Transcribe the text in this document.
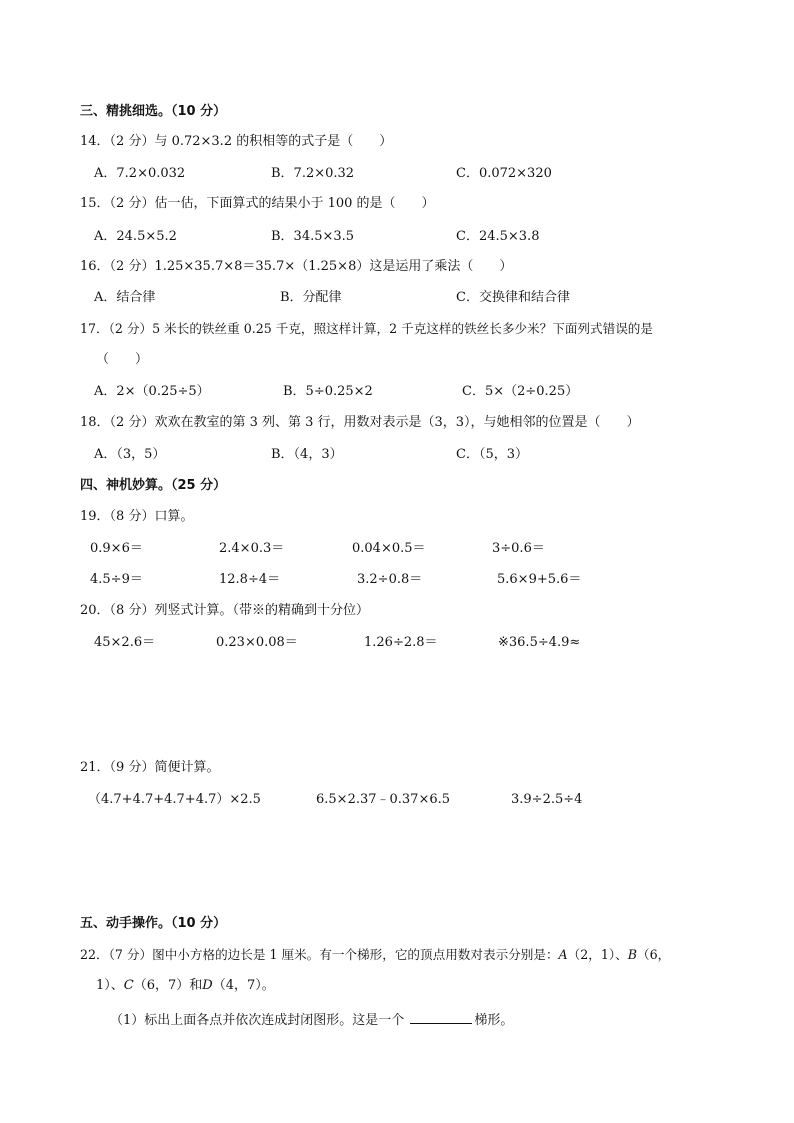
三、精挑细选。（10 分）
14．（2 分）与 0.72×3.2 的积相等的式子是（　　）
A．7.2×0.032	B．7.2×0.32	C．0.072×320
15．（2 分）估一估，下面算式的结果小于 100 的是（　　）
A．24.5×5.2	B．34.5×3.5	C．24.5×3.8
16．（2 分）1.25×35.7×8＝35.7×（1.25×8）这是运用了乘法（　　）
A．结合律	B．分配律	C．交换律和结合律
17．（2 分）5 米长的铁丝重 0.25 千克，照这样计算，2 千克这样的铁丝长多少米？下面列式错误的是
（　　）
A．2×（0.25÷5）	B．5÷0.25×2	C．5×（2÷0.25）
18．（2 分）欢欢在教室的第 3 列、第 3 行，用数对表示是（3，3），与她相邻的位置是（　　）
A．（3，5）	B．（4，3）	C．（5，3）
四、神机妙算。（25 分）
19．（8 分）口算。
0.9×6＝	2.4×0.3＝	0.04×0.5＝	3÷0.6＝
4.5÷9＝	12.8÷4＝	3.2÷0.8＝	5.6×9+5.6＝
20．（8 分）列竖式计算。（带※的精确到十分位）
45×2.6＝	0.23×0.08＝	1.26÷2.8＝	※36.5÷4.9≈
21．（9 分）简便计算。
（4.7+4.7+4.7+4.7）×2.5	6.5×2.37﹣0.37×6.5	3.9÷2.5÷4
五、动手操作。（10 分）
22．（7 分）图中小方格的边长是 1 厘米。有一个梯形，它的顶点用数对表示分别是：A（2，1）、B（6，
1）、C（6，7）和D（4，7）。
（1）标出上面各点并依次连成封闭图形。这是一个	梯形。
